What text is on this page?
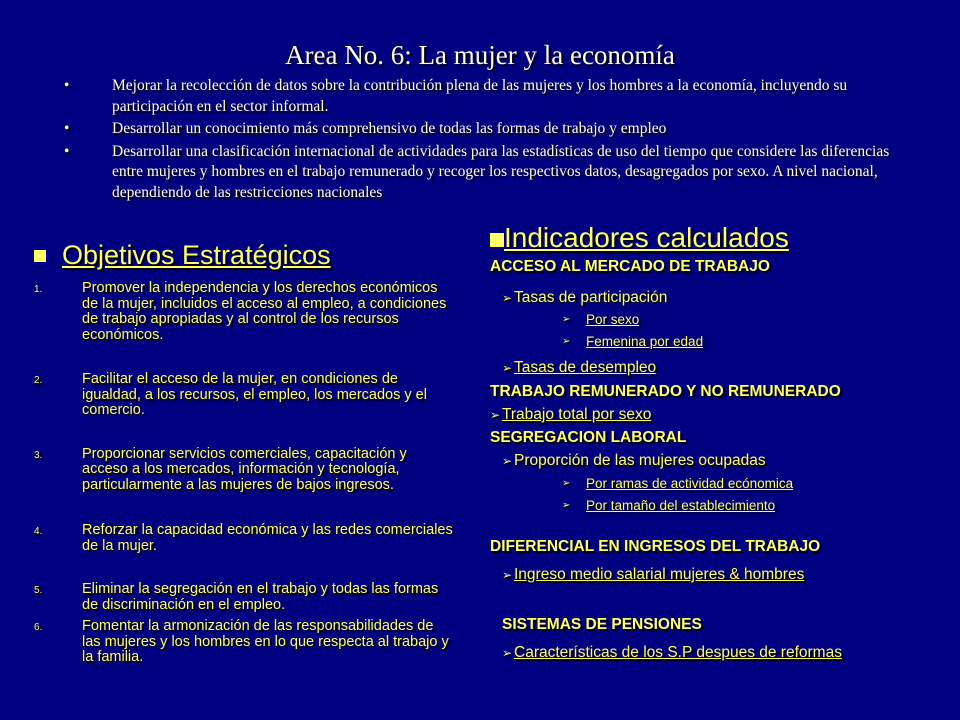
Area No. 6: La mujer y la economía
•	Mejorar la recolección de datos sobre la contribución plena de las mujeres y los hombres a la economía, incluyendo su participación en el sector informal.
•	Desarrollar un conocimiento más comprehensivo de todas las formas de trabajo y empleo
•	Desarrollar una clasificación internacional de actividades para las estadísticas de uso del tiempo que considere las diferencias entre mujeres y hombres en el trabajo remunerado y recoger los respectivos datos, desagregados por sexo. A nivel nacional, dependiendo de las restricciones nacionales
Objetivos Estratégicos
1.	Promover la independencia y los derechos económicos de la mujer, incluidos el acceso al empleo, a condiciones de trabajo apropiadas y al control de los recursos económicos.
2.	Facilitar el acceso de la mujer, en condiciones de igualdad, a los recursos, el empleo, los mercados y el comercio.
3.	Proporcionar servicios comerciales, capacitación y acceso a los mercados, información y tecnología, particularmente a las mujeres de bajos ingresos.
4.	Reforzar la capacidad económica y las redes comerciales de la mujer.
5.	Eliminar la segregación en el trabajo y todas las formas de discriminación en el empleo.
6.	Fomentar la armonización de las responsabilidades de las mujeres y los hombres en lo que respecta al trabajo y la familia.
Indicadores calculados
ACCESO AL MERCADO DE TRABAJO
➢ Tasas de participación
➢	Por sexo
➢	Femenina por edad
➢ Tasas de desempleo
TRABAJO REMUNERADO Y NO REMUNERADO
➢ Trabajo total por sexo
SEGREGACION LABORAL
➢ Proporción de las mujeres ocupadas
➢	Por ramas de actividad ecónomica
➢	Por tamaño del establecimiento
DIFERENCIAL EN INGRESOS DEL TRABAJO
➢ Ingreso medio salarial mujeres & hombres
SISTEMAS DE PENSIONES
➢ Características de los S.P despues de reformas
